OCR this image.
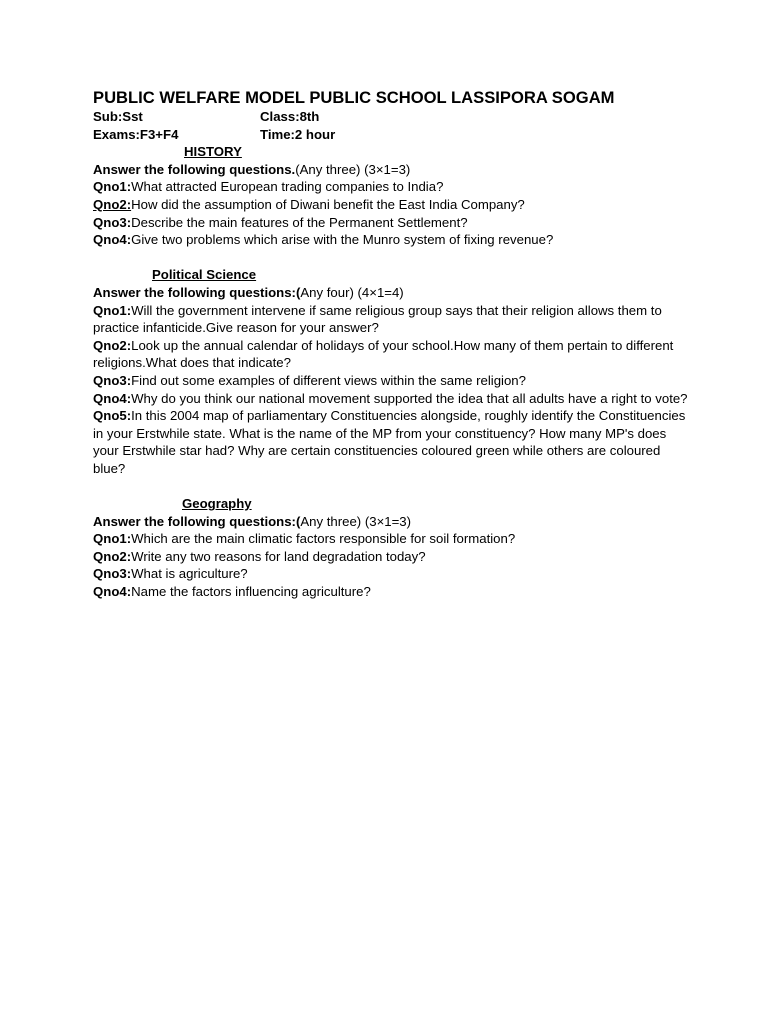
PUBLIC WELFARE MODEL PUBLIC SCHOOL LASSIPORA SOGAM
Sub:Sst	Class:8th
Exams:F3+F4	Time:2 hour
HISTORY
Answer the following questions.(Any three) (3×1=3)
Qno1:What attracted European trading companies to India?
Qno2:How did the assumption of Diwani benefit the East India Company?
Qno3:Describe the main features of the Permanent Settlement?
Qno4:Give two problems which arise with the Munro system of fixing revenue?
Political Science
Answer the following questions:(Any four) (4×1=4)
Qno1:Will the government intervene if same religious group says that their religion allows them to practice infanticide.Give reason for your answer?
Qno2:Look up the annual calendar of holidays of your school.How many of them pertain to different religions.What does that indicate?
Qno3:Find out some examples of different views within the same religion?
Qno4:Why do you think our national movement supported the idea that all adults have a right to vote?
Qno5:In this 2004 map of parliamentary Constituencies alongside, roughly identify the Constituencies in your Erstwhile state. What is the name of the MP from your constituency? How many MP's does your Erstwhile star had? Why are certain constituencies coloured green while others are coloured blue?
Geography
Answer the following questions:(Any three) (3×1=3)
Qno1:Which are the main climatic factors responsible for soil formation?
Qno2:Write any two reasons for land degradation today?
Qno3:What is agriculture?
Qno4:Name the factors influencing agriculture?
